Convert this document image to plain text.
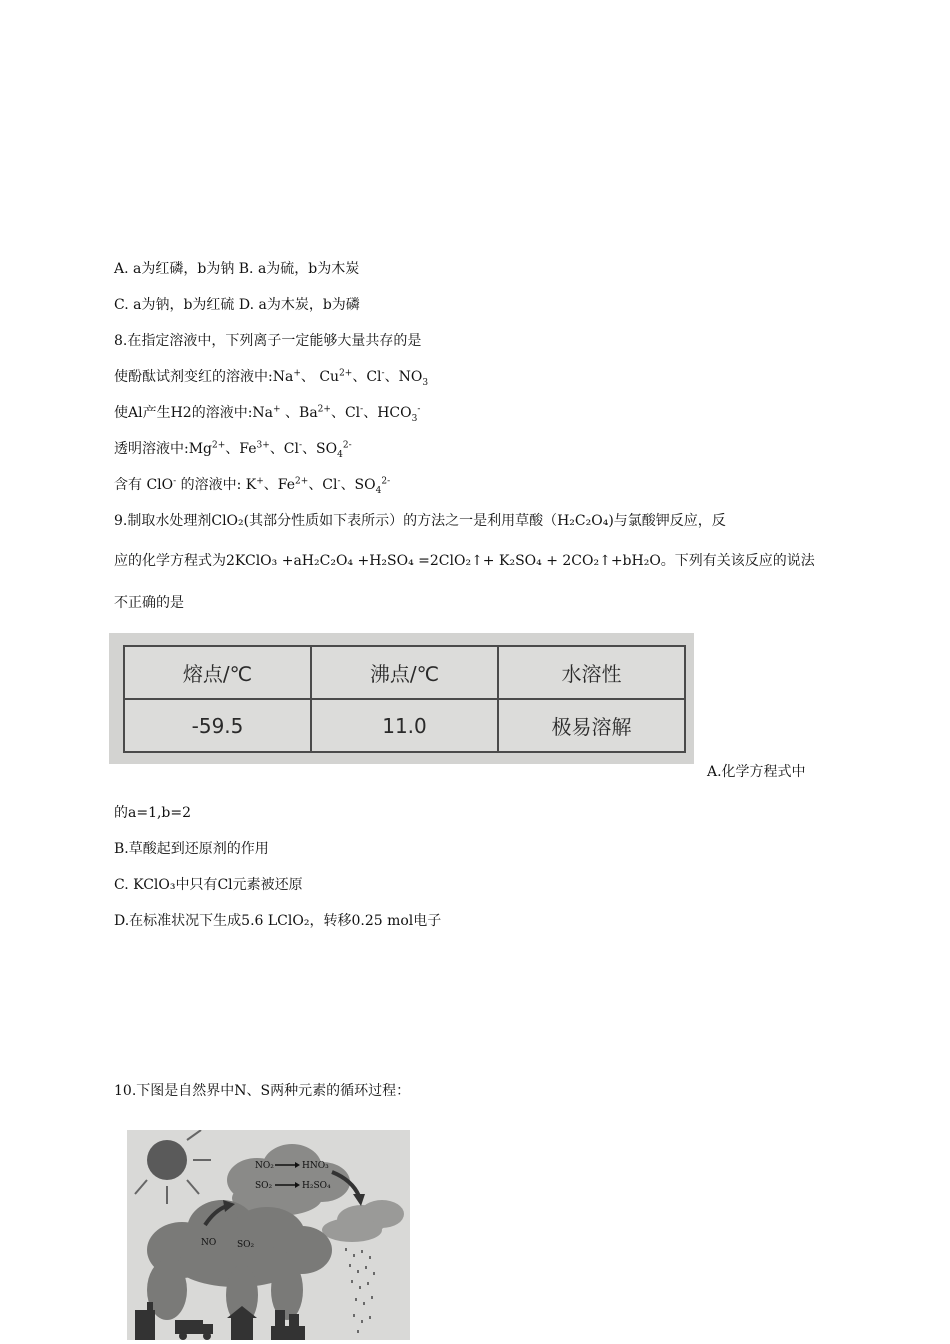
A. a为红磷，b为钠 B. a为硫，b为木炭
C. a为钠，b为红硫 D. a为木炭，b为磷
8.在指定溶液中，下列离子一定能够大量共存的是
使酚酞试剂变红的溶液中:Na+、 $Cu^{2+}$、Cl-、$NO_3$
使Al产生H2的溶液中:Na+ 、$Ba^{2+}$、Cl-、$HCO_3^-$
透明溶液中$:Mg^{2+}$、$Fe^{3+}$、Cl-、$SO_4^{2-}$
含有 ClO- 的溶液中: K+、$Fe^{2+}$、Cl-、$SO_4^{2-}$
9.制取水处理剂ClO₂(其部分性质如下表所示）的方法之一是利用草酸（H₂C₂O₄)与氯酸钾反应，反
应的化学方程式为2KClO₃ +aH₂C₂O₄ +H₂SO₄ =2ClO₂↑+ K₂SO₄ + 2CO₂↑+bH₂O。下列有关该反应的说法
不正确的是
熔点/℃	沸点/℃	水溶性
-59.5	11.0	极易溶解
A.化学方程式中
的a=1,b=2
B.草酸起到还原剂的作用
C. KClO₃中只有Cl元素被还原
D.在标准状况下生成5.6 LClO₂，转移0.25 mol电子
10.下图是自然界中N、S两种元素的循环过程：
NO₂	HNO₃
SO₂	H₂SO₄
NO SO₂
